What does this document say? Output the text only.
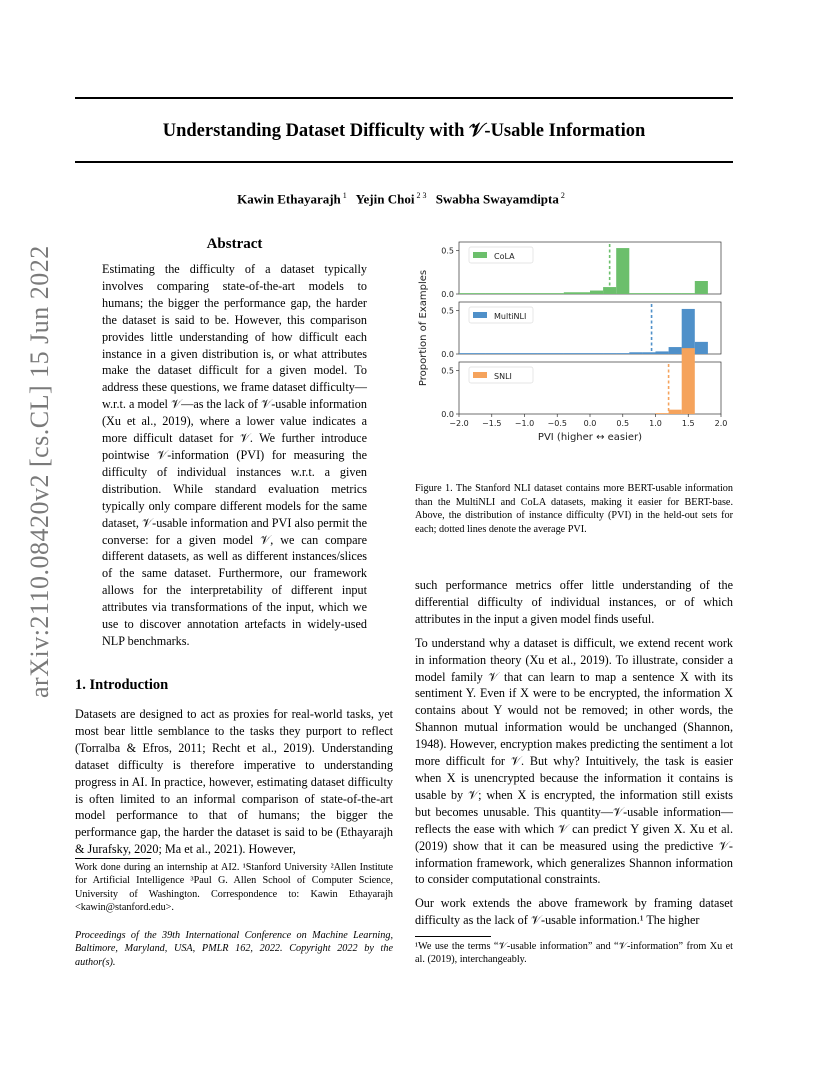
Understanding Dataset Difficulty with 𝒱-Usable Information
Kawin Ethayarajh $^1$ Yejin Choi $^{2 3}$ Swabha Swayamdipta $^2$
arXiv:2110.08420v2 [cs.CL] 15 Jun 2022
Abstract

Estimating the difficulty of a dataset typically involves comparing state-of-the-art models to humans; the bigger the performance gap, the harder the dataset is said to be. However, this comparison provides little understanding of how difficult each instance in a given distribution is, or what attributes make the dataset difficult for a given model. To address these questions, we frame dataset difficulty—w.r.t. a model 𝒱—as the lack of 𝒱-usable information (Xu et al., 2019), where a lower value indicates a more difficult dataset for 𝒱. We further introduce pointwise 𝒱-information (PVI) for measuring the difficulty of individual instances w.r.t. a given distribution. While standard evaluation metrics typically only compare different models for the same dataset, 𝒱-usable information and PVI also permit the converse: for a given model 𝒱, we can compare different datasets, as well as different instances/slices of the same dataset. Furthermore, our framework allows for the interpretability of different input attributes via transformations of the input, which we use to discover annotation artefacts in widely-used NLP benchmarks.

1. Introduction

Datasets are designed to act as proxies for real-world tasks, yet most bear little semblance to the tasks they purport to reflect (Torralba & Efros, 2011; Recht et al., 2019). Understanding dataset difficulty is therefore imperative to understanding progress in AI. In practice, however, estimating dataset difficulty is often limited to an informal comparison of state-of-the-art model performance to that of humans; the bigger the performance gap, the harder the dataset is said to be (Ethayarajh & Jurafsky, 2020; Ma et al., 2021). However,

Work done during an internship at AI2. ¹Stanford University ²Allen Institute for Artificial Intelligence ³Paul G. Allen School of Computer Science, University of Washington. Correspondence to: Kawin Ethayarajh <kawin@stanford.edu>.

Proceedings of the 39th International Conference on Machine Learning, Baltimore, Maryland, USA, PMLR 162, 2022. Copyright 2022 by the author(s).

0.0
0.5
CoLA
0.0
0.5
MultiNLI
0.0
0.5
SNLI
−2.0 −1.5 −1.0 −0.5 0.0	0.5	1.0	1.5	2.0
PVI (higher ↔ easier)
Proportion of Examples

Figure 1. The Stanford NLI dataset contains more BERT-usable information than the MultiNLI and CoLA datasets, making it easier for BERT-base. Above, the distribution of instance difficulty (PVI) in the held-out sets for each; dotted lines denote the average PVI.

such performance metrics offer little understanding of the differential difficulty of individual instances, or of which attributes in the input a given model finds useful.

To understand why a dataset is difficult, we extend recent work in information theory (Xu et al., 2019). To illustrate, consider a model family 𝒱 that can learn to map a sentence X with its sentiment Y. Even if X were to be encrypted, the information X contains about Y would not be removed; in other words, the Shannon mutual information would be unchanged (Shannon, 1948). However, encryption makes predicting the sentiment a lot more difficult for 𝒱. But why? Intuitively, the task is easier when X is unencrypted because the information it contains is usable by 𝒱; when X is encrypted, the information still exists but becomes unusable. This quantity—𝒱-usable information—reflects the ease with which 𝒱 can predict Y given X. Xu et al. (2019) show that it can be measured using the predictive 𝒱-information framework, which generalizes Shannon information to consider computational constraints.

Our work extends the above framework by framing dataset difficulty as the lack of 𝒱-usable information.¹ The higher

¹We use the terms “𝒱-usable information” and “𝒱-information” from Xu et al. (2019), interchangeably.
